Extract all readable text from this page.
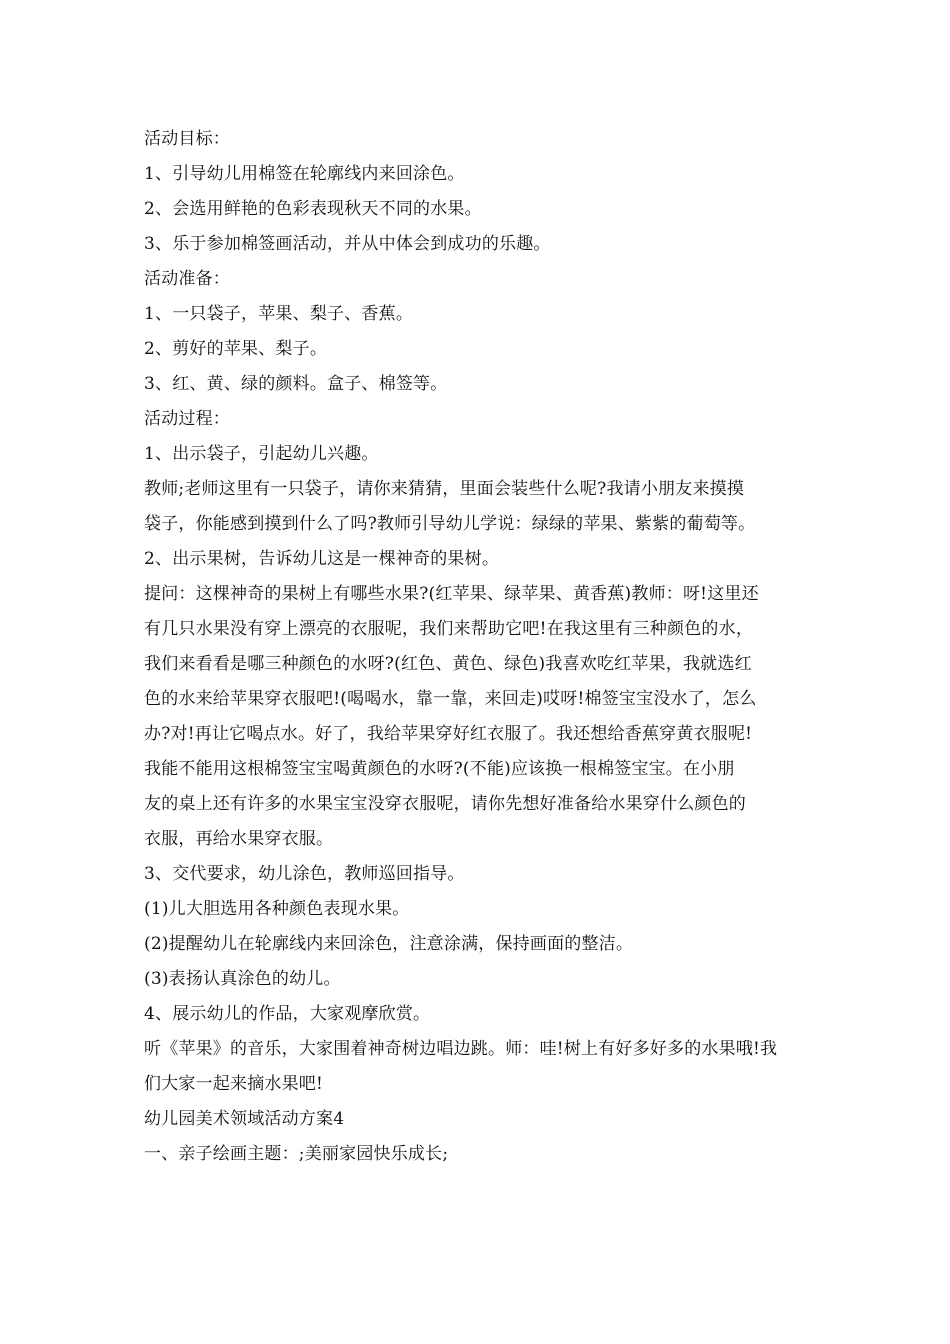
活动目标：
1、引导幼儿用棉签在轮廓线内来回涂色。
2、会选用鲜艳的色彩表现秋天不同的水果。
3、乐于参加棉签画活动，并从中体会到成功的乐趣。
活动准备：
1、一只袋子，苹果、梨子、香蕉。
2、剪好的苹果、梨子。
3、红、黄、绿的颜料。盒子、棉签等。
活动过程：
1、出示袋子，引起幼儿兴趣。
教师;老师这里有一只袋子，请你来猜猜，里面会装些什么呢?我请小朋友来摸摸
袋子，你能感到摸到什么了吗?教师引导幼儿学说：绿绿的苹果、紫紫的葡萄等。
2、出示果树，告诉幼儿这是一棵神奇的果树。
提问：这棵神奇的果树上有哪些水果?(红苹果、绿苹果、黄香蕉)教师：呀!这里还
有几只水果没有穿上漂亮的衣服呢，我们来帮助它吧!在我这里有三种颜色的水，
我们来看看是哪三种颜色的水呀?(红色、黄色、绿色)我喜欢吃红苹果，我就选红
色的水来给苹果穿衣服吧!(喝喝水，靠一靠，来回走)哎呀!棉签宝宝没水了，怎么
办?对!再让它喝点水。好了，我给苹果穿好红衣服了。我还想给香蕉穿黄衣服呢!
我能不能用这根棉签宝宝喝黄颜色的水呀?(不能)应该换一根棉签宝宝。在小朋
友的桌上还有许多的水果宝宝没穿衣服呢，请你先想好准备给水果穿什么颜色的
衣服，再给水果穿衣服。
3、交代要求，幼儿涂色，教师巡回指导。
(1)儿大胆选用各种颜色表现水果。
(2)提醒幼儿在轮廓线内来回涂色，注意涂满，保持画面的整洁。
(3)表扬认真涂色的幼儿。
4、展示幼儿的作品，大家观摩欣赏。
听《苹果》的音乐，大家围着神奇树边唱边跳。师：哇!树上有好多好多的水果哦!我
们大家一起来摘水果吧!
幼儿园美术领域活动方案4
一、亲子绘画主题：;美丽家园快乐成长;
